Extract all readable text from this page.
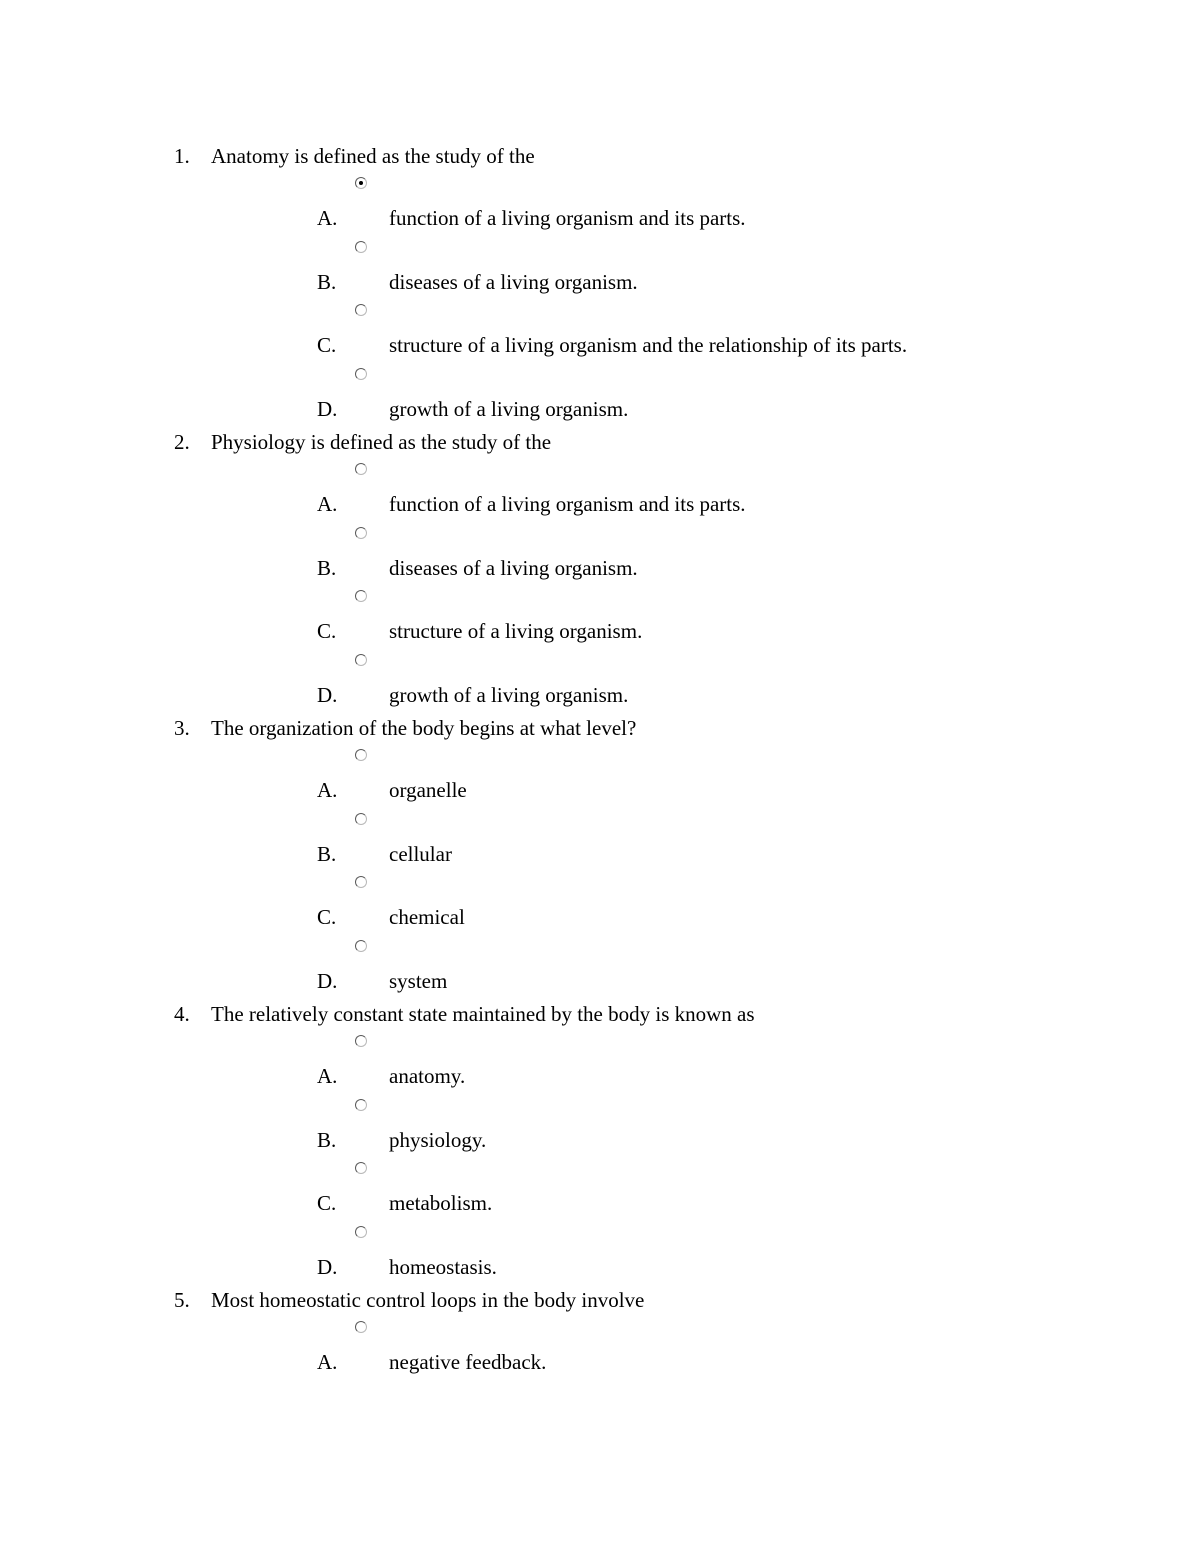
1. Anatomy is defined as the study of the
A. function of a living organism and its parts.
B.	diseases of a living organism.
C.	structure of a living organism and the relationship of its parts.
D. growth of a living organism.
2. Physiology is defined as the study of the
A. function of a living organism and its parts.
B.	diseases of a living organism.
C.	structure of a living organism.
D. growth of a living organism.
3. The organization of the body begins at what level?
A. organelle
B.	cellular
C.	chemical
D. system
4. The relatively constant state maintained by the body is known as
A. anatomy.
B.	physiology.
C.	metabolism.
D. homeostasis.
5. Most homeostatic control loops in the body involve
A. negative feedback.
